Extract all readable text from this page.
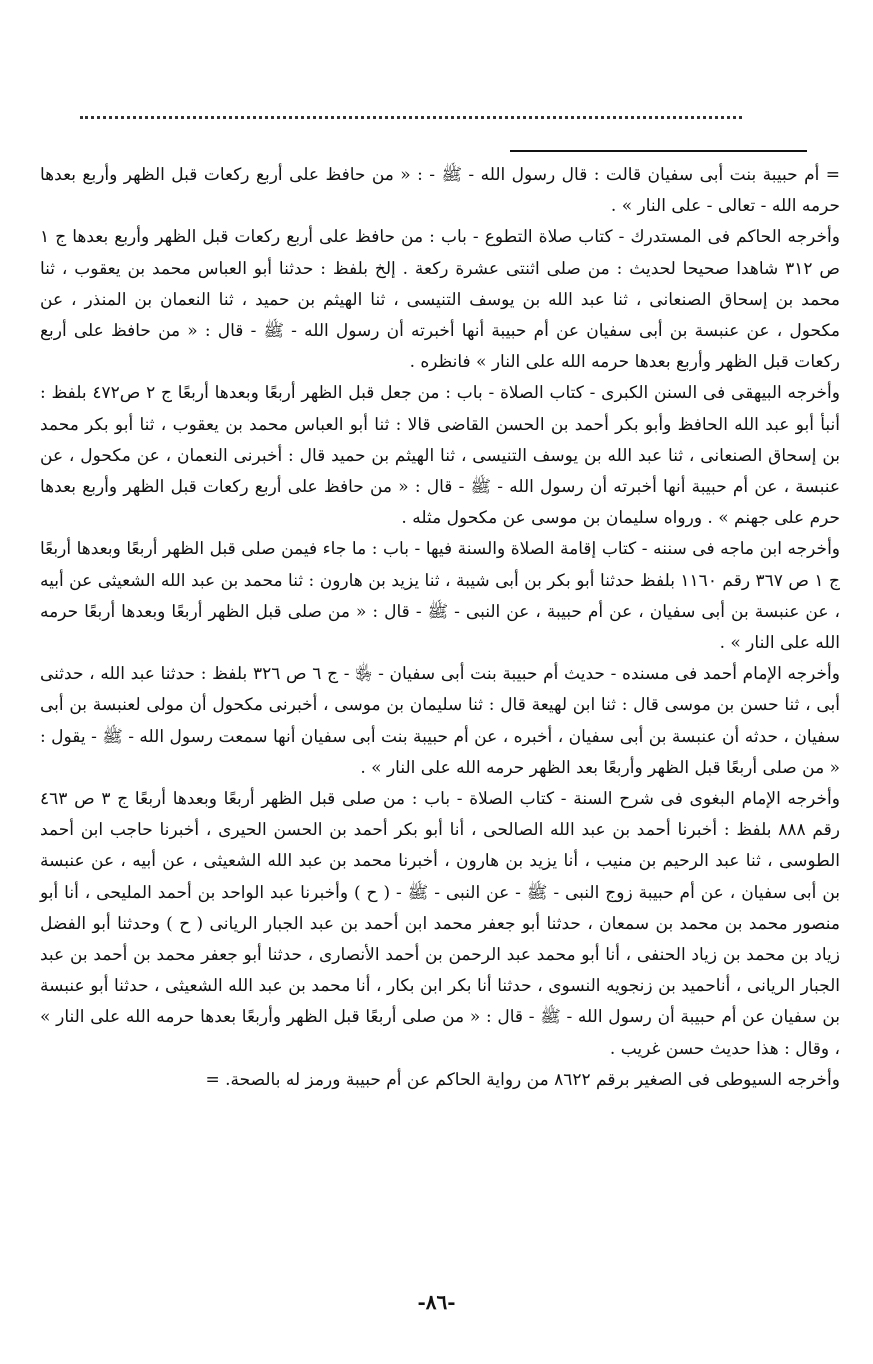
= أم حبيبة بنت أبى سفيان قالت : قال رسول الله - ﷺ - : « من حافظ على أربع ركعات قبل الظهر وأربع بعدها حرمه الله - تعالى - على النار » .

وأخرجه الحاكم فى المستدرك - كتاب صلاة التطوع - باب : من حافظ على أربع ركعات قبل الظهر وأربع بعدها ج ١ ص ٣١٢ شاهدا صحيحا لحديث : من صلى اثنتى عشرة ركعة . إلخ بلفظ : حدثنا أبو العباس محمد بن يعقوب ، ثنا محمد بن إسحاق الصنعانى ، ثنا عبد الله بن يوسف التنيسى ، ثنا الهيثم بن حميد ، ثنا النعمان بن المنذر ، عن مكحول ، عن عنبسة بن أبى سفيان عن أم حبيبة أنها أخبرته أن رسول الله - ﷺ - قال : « من حافظ على أربع ركعات قبل الظهر وأربع بعدها حرمه الله على النار » فانظره .

وأخرجه البيهقى فى السنن الكبرى - كتاب الصلاة - باب : من جعل قبل الظهر أربعًا وبعدها أربعًا ج ٢ ص٤٧٢ بلفظ : أنبأ أبو عبد الله الحافظ وأبو بكر أحمد بن الحسن القاضى قالا : ثنا أبو العباس محمد بن يعقوب ، ثنا أبو بكر محمد بن إسحاق الصنعانى ، ثنا عبد الله بن يوسف التنيسى ، ثنا الهيثم بن حميد قال : أخبرنى النعمان ، عن مكحول ، عن عنبسة ، عن أم حبيبة أنها أخبرته أن رسول الله - ﷺ - قال : « من حافظ على أربع ركعات قبل الظهر وأربع بعدها حرم على جهنم » . ورواه سليمان بن موسى عن مكحول مثله .

وأخرجه ابن ماجه فى سننه - كتاب إقامة الصلاة والسنة فيها - باب : ما جاء فيمن صلى قبل الظهر أربعًا وبعدها أربعًا ج ١ ص ٣٦٧ رقم ١١٦٠ بلفظ حدثنا أبو بكر بن أبى شيبة ، ثنا يزيد بن هارون : ثنا محمد بن عبد الله الشعيثى عن أبيه ، عن عنبسة بن أبى سفيان ، عن أم حبيبة ، عن النبى - ﷺ - قال : « من صلى قبل الظهر أربعًا وبعدها أربعًا حرمه الله على النار » .

وأخرجه الإمام أحمد فى مسنده - حديث أم حبيبة بنت أبى سفيان - ﵂ - ج ٦ ص ٣٢٦ بلفظ : حدثنا عبد الله ، حدثنى أبى ، ثنا حسن بن موسى قال : ثنا ابن لهيعة قال : ثنا سليمان بن موسى ، أخبرنى مكحول أن مولى لعنبسة بن أبى سفيان ، حدثه أن عنبسة بن أبى سفيان ، أخبره ، عن أم حبيبة بنت أبى سفيان أنها سمعت رسول الله - ﷺ - يقول : « من صلى أربعًا قبل الظهر وأربعًا بعد الظهر حرمه الله على النار » .

وأخرجه الإمام البغوى فى شرح السنة - كتاب الصلاة - باب : من صلى قبل الظهر أربعًا وبعدها أربعًا ج ٣ ص ٤٦٣ رقم ٨٨٨ بلفظ : أخبرنا أحمد بن عبد الله الصالحى ، أنا أبو بكر أحمد بن الحسن الحيرى ، أخبرنا حاجب ابن أحمد الطوسى ، ثنا عبد الرحيم بن منيب ، أنا يزيد بن هارون ، أخبرنا محمد بن عبد الله الشعيثى ، عن أبيه ، عن عنبسة بن أبى سفيان ، عن أم حبيبة زوج النبى - ﷺ - عن النبى - ﷺ - ( ح ) وأخبرنا عبد الواحد بن أحمد المليحى ، أنا أبو منصور محمد بن محمد بن سمعان ، حدثنا أبو جعفر محمد ابن أحمد بن عبد الجبار الريانى ( ح ) وحدثنا أبو الفضل زياد بن محمد بن زياد الحنفى ، أنا أبو محمد عبد الرحمن بن أحمد الأنصارى ، حدثنا أبو جعفر محمد بن أحمد بن عبد الجبار الريانى ، أناحميد بن زنجويه النسوى ، حدثنا أنا بكر ابن بكار ، أنا محمد بن عبد الله الشعيثى ، حدثنا أبو عنبسة بن سفيان عن أم حبيبة أن رسول الله - ﷺ - قال : « من صلى أربعًا قبل الظهر وأربعًا بعدها حرمه الله على النار » ، وقال : هذا حديث حسن غريب .

وأخرجه السيوطى فى الصغير برقم ٨٦٢٢ من رواية الحاكم عن أم حبيبة ورمز له بالصحة. =

-٨٦-
